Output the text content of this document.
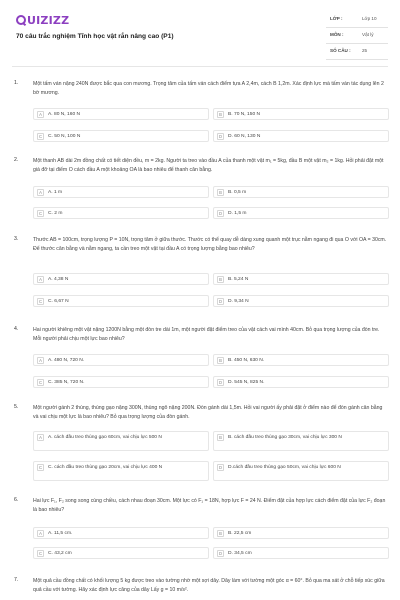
UIZIZZ
70 câu trắc nghiệm Tĩnh học vật rắn nâng cao (P1)
LỚP :	Lớp 10
MÔN :	Vật lý
SỐ CÂU : 25
1.	Một tấm ván nặng 240N được bắc qua con mương. Trọng tâm của tấm ván cách điểm tựa A 2,4m, cách B 1,2m. Xác định lực mà tấm ván tác dụng lên 2 bờ mương.
A	A. 80 N, 160 N	B	B. 70 N, 150 N
C	C. 50 N, 100 N	D	D. 60 N, 130 N
2.	Một thanh AB dài 2m đồng chất có tiết diện đều, m = 2kg. Người ta treo vào đầu A của thanh một vật m₁ = 5kg, đầu B một vật m₂ = 1kg. Hỏi phải đặt một giá đỡ tại điểm O cách đầu A một khoảng OA là bao nhiêu để thanh cân bằng.
A	A. 1 m	B	B. 0,5 m
C	C. 2 m	D	D. 1,5 m
3.	Thước AB = 100cm, trọng lượng P = 10N, trọng tâm ở giữa thước. Thước có thể quay dễ dàng xung quanh một trục nằm ngang đi qua O với OA = 30cm. Để thước cân bằng và nằm ngang, ta cần treo một vật tại đầu A có trọng lượng bằng bao nhiêu?
A	A. 4,38 N	B	B. 5,24 N
C	C. 6,67 N	D	D. 9,34 N
4.	Hai người khiêng một vật nặng 1200N bằng một đòn tre dài 1m, một người đặt điểm treo của vật cách vai mình 40cm. Bỏ qua trọng lượng của đòn tre. Mỗi người phải chịu một lực bao nhiêu?
A	A. 480 N, 720 N.	B	B. 450 N, 630 N.
C	C. 385 N, 720 N.	D	D. 545 N, 825 N.
5.	Một người gánh 2 thùng, thùng gạo nặng 300N, thùng ngô nặng 200N. Đòn gánh dài 1,5m. Hỏi vai người ấy phải đặt ở điểm nào để đòn gánh cân bằng và vai chịu một lực là bao nhiêu? Bỏ qua trọng lượng của đòn gánh.
A	A. cách đầu treo thùng gạo 60cm, vai chịu lực 500 N	B	B. cách đầu treo thùng gạo 30cm, vai chịu lực 300 N
C	C. cách đầu treo thùng gạo 20cm, vai chịu lực 400 N	D	D.cách đầu treo thùng gạo 50cm, vai chịu lực 600 N
6.	Hai lực F₁, F₂ song song cùng chiều, cách nhau đoạn 30cm. Một lực có F₁ = 18N, hợp lực F = 24 N. Điểm đặt của hợp lực cách điểm đặt của lực F₂ đoạn là bao nhiêu?
A	A. 11,5 cm.	B	B. 22,5 cm
C	C. 43,2 cm	D	D. 34,5 cm
7.	Một quả cầu đồng chất có khối lượng 5 kg được treo vào tường nhờ một sợi dây. Dây làm với tường một góc α = 60°. Bỏ qua ma sát ở chỗ tiếp xúc giữa quả cầu với tường. Hãy xác định lực căng của dây Lấy g = 10 m/s².
